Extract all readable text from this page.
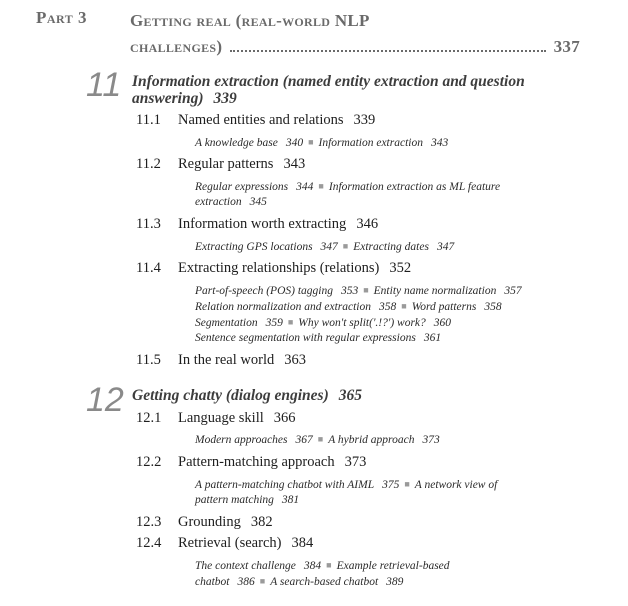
Part 3	Getting real (real-world NLP
challenges)	337
11 Information extraction (named entity extraction and question
answering) 339
11.1 Named entities and relations 339
A knowledge base 340 ■ Information extraction 343
11.2 Regular patterns 343
Regular expressions 344 ■ Information extraction as ML feature
extraction 345
11.3 Information worth extracting 346
Extracting GPS locations 347 ■ Extracting dates 347
11.4 Extracting relationships (relations) 352
Part-of-speech (POS) tagging 353 ■ Entity name normalization 357
Relation normalization and extraction 358 ■ Word patterns 358
Segmentation 359 ■ Why won't split('.!?') work? 360
Sentence segmentation with regular expressions 361
11.5 In the real world 363
12 Getting chatty (dialog engines) 365
12.1 Language skill 366
Modern approaches 367 ■ A hybrid approach 373
12.2 Pattern-matching approach 373
A pattern-matching chatbot with AIML 375 ■ A network view of
pattern matching 381
12.3 Grounding 382
12.4 Retrieval (search) 384
The context challenge 384 ■ Example retrieval-based
chatbot 386 ■ A search-based chatbot 389
